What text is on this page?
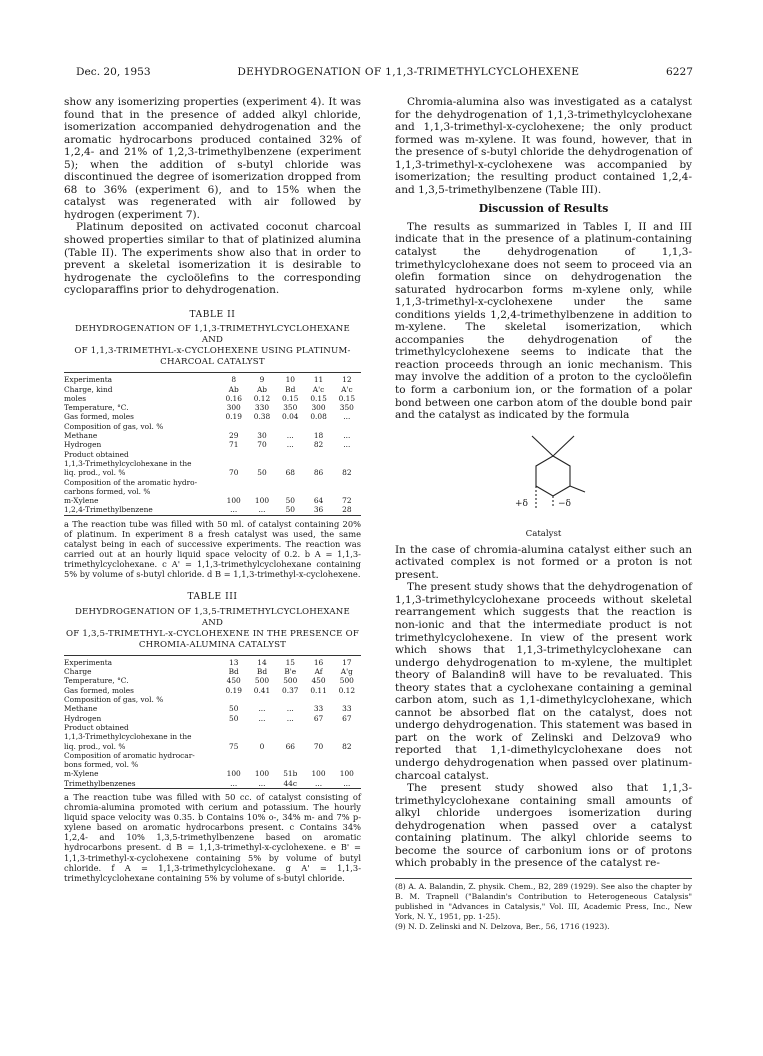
Dec. 20, 1953	DEHYDROGENATION OF 1,1,3-TRIMETHYLCYCLOHEXENE	6227

show any isomerizing properties (experiment 4). It was found that in the presence of added alkyl chloride, isomerization accompanied dehydrogenation and the aromatic hydrocarbons produced contained 32% of 1,2,4- and 21% of 1,2,3-trimethylbenzene (experiment 5); when the addition of s-butyl chloride was discontinued the degree of isomerization dropped from 68 to 36% (experiment 6), and to 15% when the catalyst was regenerated with air followed by hydrogen (experiment 7).

Platinum deposited on activated coconut charcoal showed properties similar to that of platinized alumina (Table II). The experiments show also that in order to prevent a skeletal isomerization it is desirable to hydrogenate the cycloölefins to the corresponding cycloparaffins prior to dehydrogenation.

TABLE II
DEHYDROGENATION OF 1,1,3-TRIMETHYLCYCLOHEXANE AND
OF 1,1,3-TRIMETHYL-x-CYCLOHEXENE USING PLATINUM-
CHARCOAL CATALYST
Experimenta	8	9	10	11	12
Charge, kind	Ab	Ab	Bd	A'c	A'c
moles	0.16	0.12	0.15	0.15	0.15
Temperature, °C.	300	330	350	300	350
Gas formed, moles	0.19	0.38	0.04	0.08	...
Composition of gas, vol. %					
Methane	29	30	...	18	...
Hydrogen	71	70	...	82	...
Product obtained					
1,1,3-Trimethylcyclohexane in the					
liq. prod., vol. %	70	50	68	86	82
Composition of the aromatic hydro-					
carbons formed, vol. %					
m-Xylene	100	100	50	64	72
1,2,4-Trimethylbenzene	...	...	50	36	28
a The reaction tube was filled with 50 ml. of catalyst containing 20% of platinum. In experiment 8 a fresh catalyst was used, the same catalyst being in each of successive experiments. The reaction was carried out at an hourly liquid space velocity of 0.2. b A = 1,1,3-trimethylcyclohexane. c A' = 1,1,3-trimethylcyclohexane containing 5% by volume of s-butyl chloride. d B = 1,1,3-trimethyl-x-cyclohexene.
TABLE III
DEHYDROGENATION OF 1,3,5-TRIMETHYLCYCLOHEXANE AND
OF 1,3,5-TRIMETHYL-x-CYCLOHEXENE IN THE PRESENCE OF
CHROMIA-ALUMINA CATALYST
Experimenta	13	14	15	16	17
Charge	Bd	Bd	B'e	Af	A'g
Temperature, °C.	450	500	500	450	500
Gas formed, moles	0.19	0.41	0.37	0.11	0.12
Composition of gas, vol. %					
Methane	50	...	...	33	33
Hydrogen	50	...	...	67	67
Product obtained					
1,1,3-Trimethylcyclohexane in the					
liq. prod., vol. %	75	0	66	70	82
Composition of aromatic hydrocar-					
bons formed, vol. %					
m-Xylene	100	100	51b	100	100
Trimethylbenzenes	...	...	44c	...	...
a The reaction tube was filled with 50 cc. of catalyst consisting of chromia-alumina promoted with cerium and potassium. The hourly liquid space velocity was 0.35. b Contains 10% o-, 34% m- and 7% p-xylene based on aromatic hydrocarbons present. c Contains 34% 1,2,4- and 10% 1,3,5-trimethylbenzene based on aromatic hydrocarbons present. d B = 1,1,3-trimethyl-x-cyclohexene. e B' = 1,1,3-trimethyl-x-cyclohexene containing 5% by volume of butyl chloride. f A = 1,1,3-trimethylcyclohexane. g A' = 1,1,3-trimethylcyclohexane containing 5% by volume of s-butyl chloride.

Chromia-alumina also was investigated as a catalyst for the dehydrogenation of 1,1,3-trimethylcyclohexane and 1,1,3-trimethyl-x-cyclohexene; the only product formed was m-xylene. It was found, however, that in the presence of s-butyl chloride the dehydrogenation of 1,1,3-trimethyl-x-cyclohexene was accompanied by isomerization; the resulting product contained 1,2,4- and 1,3,5-trimethylbenzene (Table III).

Discussion of Results

The results as summarized in Tables I, II and III indicate that in the presence of a platinum-containing catalyst the dehydrogenation of 1,1,3-trimethylcyclohexane does not seem to proceed via an olefin formation since on dehydrogenation the saturated hydrocarbon forms m-xylene only, while 1,1,3-trimethyl-x-cyclohexene under the same conditions yields 1,2,4-trimethylbenzene in addition to m-xylene. The skeletal isomerization, which accompanies the dehydrogenation of the trimethylcyclohexene seems to indicate that the reaction proceeds through an ionic mechanism. This may involve the addition of a proton to the cycloölefin to form a carbonium ion, or the formation of a polar bond between one carbon atom of the double bond pair and the catalyst as indicated by the formula

+δ	−δ
Catalyst

In the case of chromia-alumina catalyst either such an activated complex is not formed or a proton is not present.

The present study shows that the dehydrogenation of 1,1,3-trimethylcyclohexane proceeds without skeletal rearrangement which suggests that the reaction is non-ionic and that the intermediate product is not trimethylcyclohexene. In view of the present work which shows that 1,1,3-trimethylcyclohexane can undergo dehydrogenation to m-xylene, the multiplet theory of Balandin8 will have to be revaluated. This theory states that a cyclohexane containing a geminal carbon atom, such as 1,1-dimethylcyclohexane, which cannot be absorbed flat on the catalyst, does not undergo dehydrogenation. This statement was based in part on the work of Zelinski and Delzova9 who reported that 1,1-dimethylcyclohexane does not undergo dehydrogenation when passed over platinum-charcoal catalyst.

The present study showed also that 1,1,3-trimethylcyclohexane containing small amounts of alkyl chloride undergoes isomerization during dehydrogenation when passed over a catalyst containing platinum. The alkyl chloride seems to become the source of carbonium ions or of protons which probably in the presence of the catalyst re-

(8) A. A. Balandin, Z. physik. Chem., B2, 289 (1929). See also the chapter by B. M. Trapnell ("Balandin's Contribution to Heterogeneous Catalysis" published in "Advances in Catalysis," Vol. III, Academic Press, Inc., New York, N. Y., 1951, pp. 1-25).
(9) N. D. Zelinski and N. Delzova, Ber., 56, 1716 (1923).
